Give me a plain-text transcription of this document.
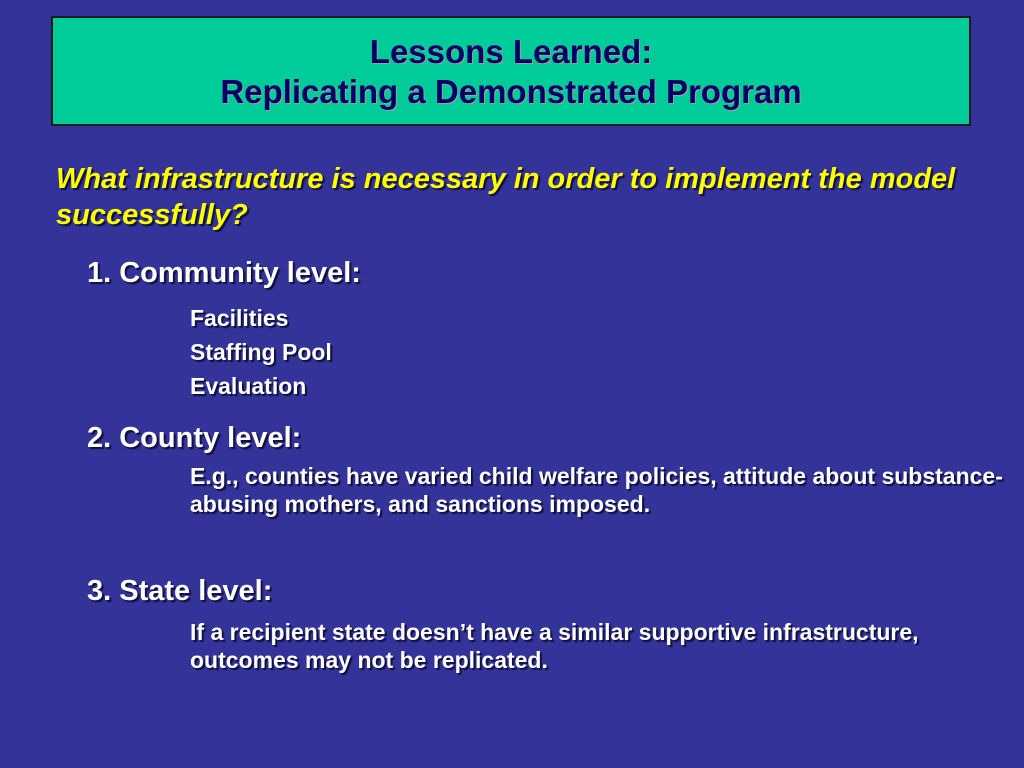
Lessons Learned:
Replicating a Demonstrated Program
What infrastructure is necessary in order to implement the model successfully?
1. Community level:
Facilities
Staffing Pool
Evaluation
2. County level:
E.g., counties have varied child welfare policies, attitude about substance-abusing mothers, and sanctions imposed.
3. State level:
If a recipient state doesn’t have a similar supportive infrastructure, outcomes may not be replicated.
